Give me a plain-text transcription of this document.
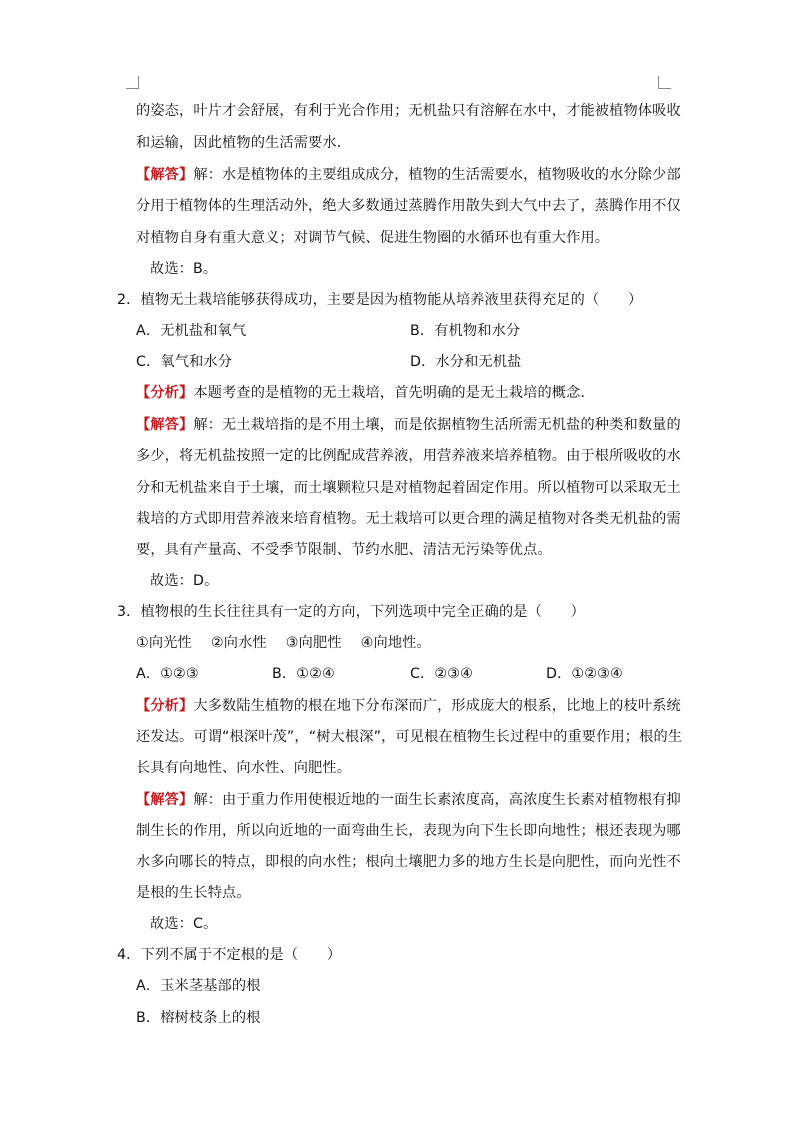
的姿态，叶片才会舒展，有利于光合作用；无机盐只有溶解在水中，才能被植物体吸收
和运输，因此植物的生活需要水．
【解答】解：水是植物体的主要组成成分，植物的生活需要水，植物吸收的水分除少部
分用于植物体的生理活动外，绝大多数通过蒸腾作用散失到大气中去了，蒸腾作用不仅
对植物自身有重大意义；对调节气候、促进生物圈的水循环也有重大作用。
故选：B。
2．植物无土栽培能够获得成功，主要是因为植物能从培养液里获得充足的（　　）
A．无机盐和氧气	B．有机物和水分
C．氧气和水分	D．水分和无机盐
【分析】本题考查的是植物的无土栽培，首先明确的是无土栽培的概念．
【解答】解：无土栽培指的是不用土壤，而是依据植物生活所需无机盐的种类和数量的
多少，将无机盐按照一定的比例配成营养液，用营养液来培养植物。由于根所吸收的水
分和无机盐来自于土壤，而土壤颗粒只是对植物起着固定作用。所以植物可以采取无土
栽培的方式即用营养液来培育植物。无土栽培可以更合理的满足植物对各类无机盐的需
要，具有产量高、不受季节限制、节约水肥、清洁无污染等优点。
故选：D。
3．植物根的生长往往具有一定的方向，下列选项中完全正确的是（　　）
①向光性　 ②向水性　 ③向肥性　 ④向地性。
A．①②③	B．①②④	C．②③④	D．①②③④
【分析】大多数陆生植物的根在地下分布深而广，形成庞大的根系，比地上的枝叶系统
还发达。可谓“根深叶茂”，“树大根深”，可见根在植物生长过程中的重要作用；根的生
长具有向地性、向水性、向肥性。
【解答】解：由于重力作用使根近地的一面生长素浓度高，高浓度生长素对植物根有抑
制生长的作用，所以向近地的一面弯曲生长，表现为向下生长即向地性；根还表现为哪
水多向哪长的特点，即根的向水性；根向土壤肥力多的地方生长是向肥性，而向光性不
是根的生长特点。
故选：C。
4．下列不属于不定根的是（　　）
A．玉米茎基部的根
B．榕树枝条上的根
